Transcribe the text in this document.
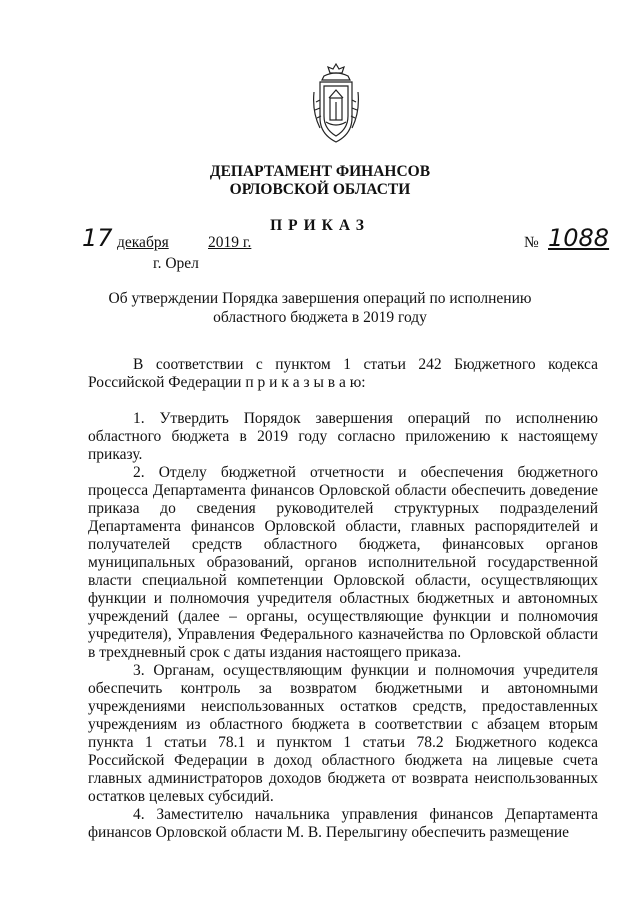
ДЕПАРТАМЕНТ ФИНАНСОВ
ОРЛОВСКОЙ ОБЛАСТИ
ПРИКАЗ
17 декабря	2019 г.	№ 1088
г. Орел
Об утверждении Порядка завершения операций по исполнению
областного бюджета в 2019 году

В соответствии с пунктом 1 статьи 242 Бюджетного кодекса Российской Федерации п р и к а з ы в а ю:

1. Утвердить Порядок завершения операций по исполнению областного бюджета в 2019 году согласно приложению к настоящему приказу.

2. Отделу бюджетной отчетности и обеспечения бюджетного процесса Департамента финансов Орловской области обеспечить доведение приказа до сведения руководителей структурных подразделений Департамента финансов Орловской области, главных распорядителей и получателей средств областного бюджета, финансовых органов муниципальных образований, органов исполнительной государственной власти специальной компетенции Орловской области, осуществляющих функции и полномочия учредителя областных бюджетных и автономных учреждений (далее – органы, осуществляющие функции и полномочия учредителя), Управления Федерального казначейства по Орловской области в трехдневный срок с даты издания настоящего приказа.

3. Органам, осуществляющим функции и полномочия учредителя обеспечить контроль за возвратом бюджетными и автономными учреждениями неиспользованных остатков средств, предоставленных учреждениям из областного бюджета в соответствии с абзацем вторым пункта 1 статьи 78.1 и пунктом 1 статьи 78.2 Бюджетного кодекса Российской Федерации в доход областного бюджета на лицевые счета главных администраторов доходов бюджета от возврата неиспользованных остатков целевых субсидий.

4. Заместителю начальника управления финансов Департамента финансов Орловской области М. В. Перелыгину обеспечить размещение
